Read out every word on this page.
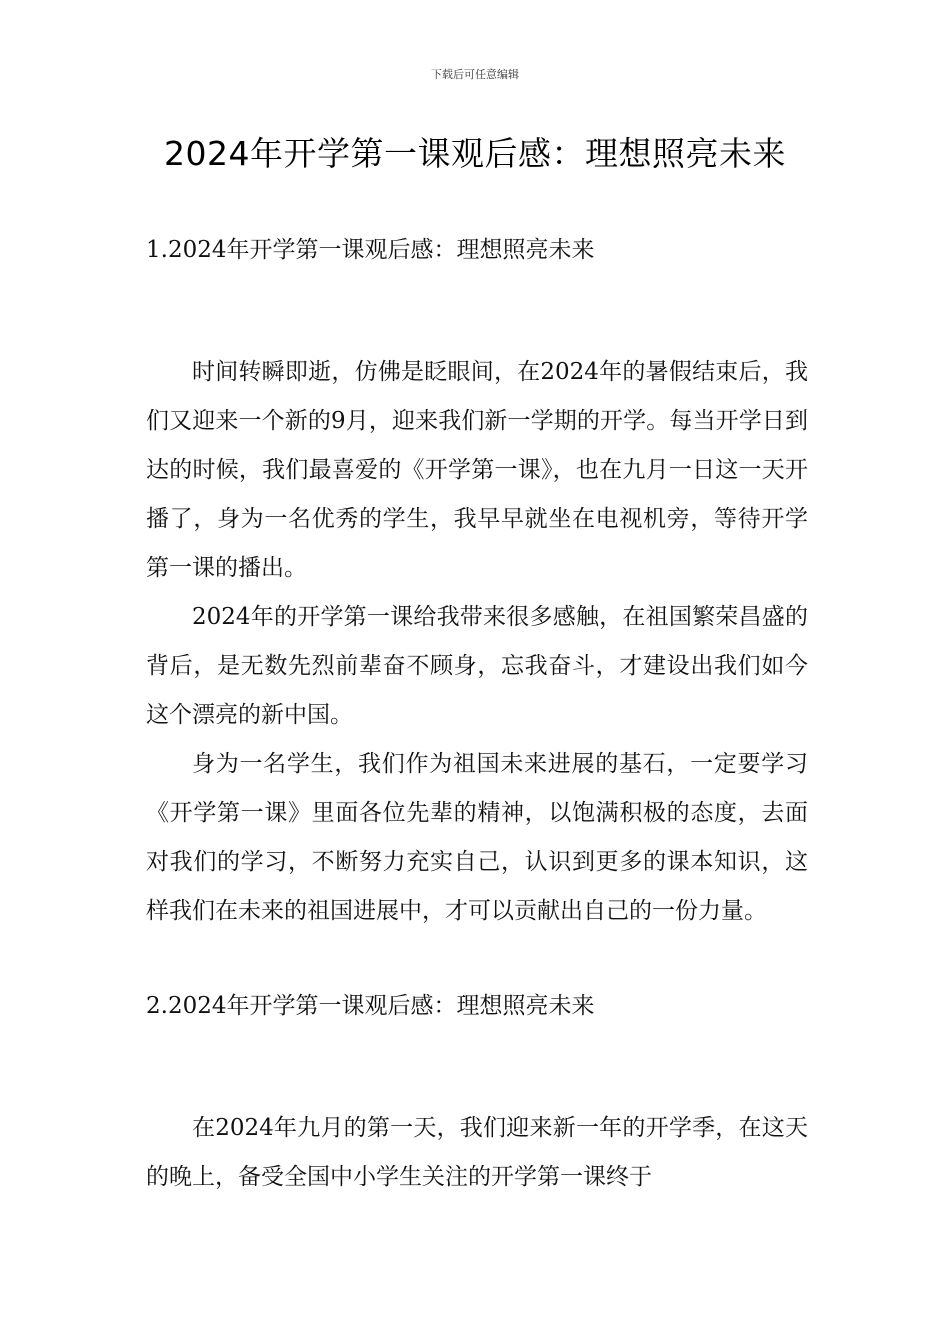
下载后可任意编辑
2024年开学第一课观后感：理想照亮未来
1.2024年开学第一课观后感：理想照亮未来

时间转瞬即逝，仿佛是眨眼间，在2024年的暑假结束后，我们又迎来一个新的9月，迎来我们新一学期的开学。每当开学日到达的时候，我们最喜爱的《开学第一课》，也在九月一日这一天开播了，身为一名优秀的学生，我早早就坐在电视机旁，等待开学第一课的播出。

2024年的开学第一课给我带来很多感触，在祖国繁荣昌盛的背后，是无数先烈前辈奋不顾身，忘我奋斗，才建设出我们如今这个漂亮的新中国。

身为一名学生，我们作为祖国未来进展的基石，一定要学习《开学第一课》里面各位先辈的精神，以饱满积极的态度，去面对我们的学习，不断努力充实自己，认识到更多的课本知识，这样我们在未来的祖国进展中，才可以贡献出自己的一份力量。

2.2024年开学第一课观后感：理想照亮未来

在2024年九月的第一天，我们迎来新一年的开学季，在这天的晚上，备受全国中小学生关注的开学第一课终于
